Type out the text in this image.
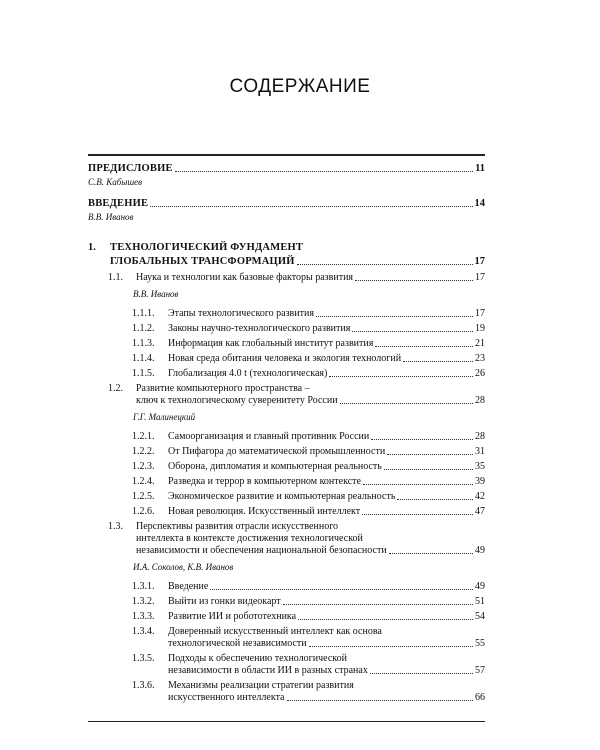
СОДЕРЖАНИЕ
ПРЕДИСЛОВИЕ	11
С.В. Кабышев
ВВЕДЕНИЕ	14
В.В. Иванов
1.	ТЕХНОЛОГИЧЕСКИЙ ФУНДАМЕНТ
ГЛОБАЛЬНЫХ ТРАНСФОРМАЦИЙ	17
1.1.	Наука и технологии как базовые факторы развития	17
В.В. Иванов
1.1.1.	Этапы технологического развития	17
1.1.2.	Законы научно-технологического развития	19
1.1.3.	Информация как глобальный институт развития	21
1.1.4.	Новая среда обитания человека и экология технологий	23
1.1.5.	Глобализация 4.0 t (технологическая)	26
1.2.	Развитие компьютерного пространства –
ключ к технологическому суверенитету России	28
Г.Г. Малинецкий
1.2.1.	Самоорганизация и главный противник России	28
1.2.2.	От Пифагора до математической промышленности	31
1.2.3.	Оборона, дипломатия и компьютерная реальность	35
1.2.4.	Разведка и террор в компьютерном контексте	39
1.2.5.	Экономическое развитие и компьютерная реальность	42
1.2.6.	Новая революция. Искусственный интеллект	47
1.3.	Перспективы развития отрасли искусственного
интеллекта в контексте достижения технологической
независимости и обеспечения национальной безопасности	49
И.А. Соколов, К.В. Иванов
1.3.1.	Введение	49
1.3.2.	Выйти из гонки видеокарт	51
1.3.3.	Развитие ИИ и робототехника	54
1.3.4.	Доверенный искусственный интеллект как основа
технологической независимости	55
1.3.5.	Подходы к обеспечению технологической
независимости в области ИИ в разных странах	57
1.3.6.	Механизмы реализации стратегии развития
искусственного интеллекта	66
